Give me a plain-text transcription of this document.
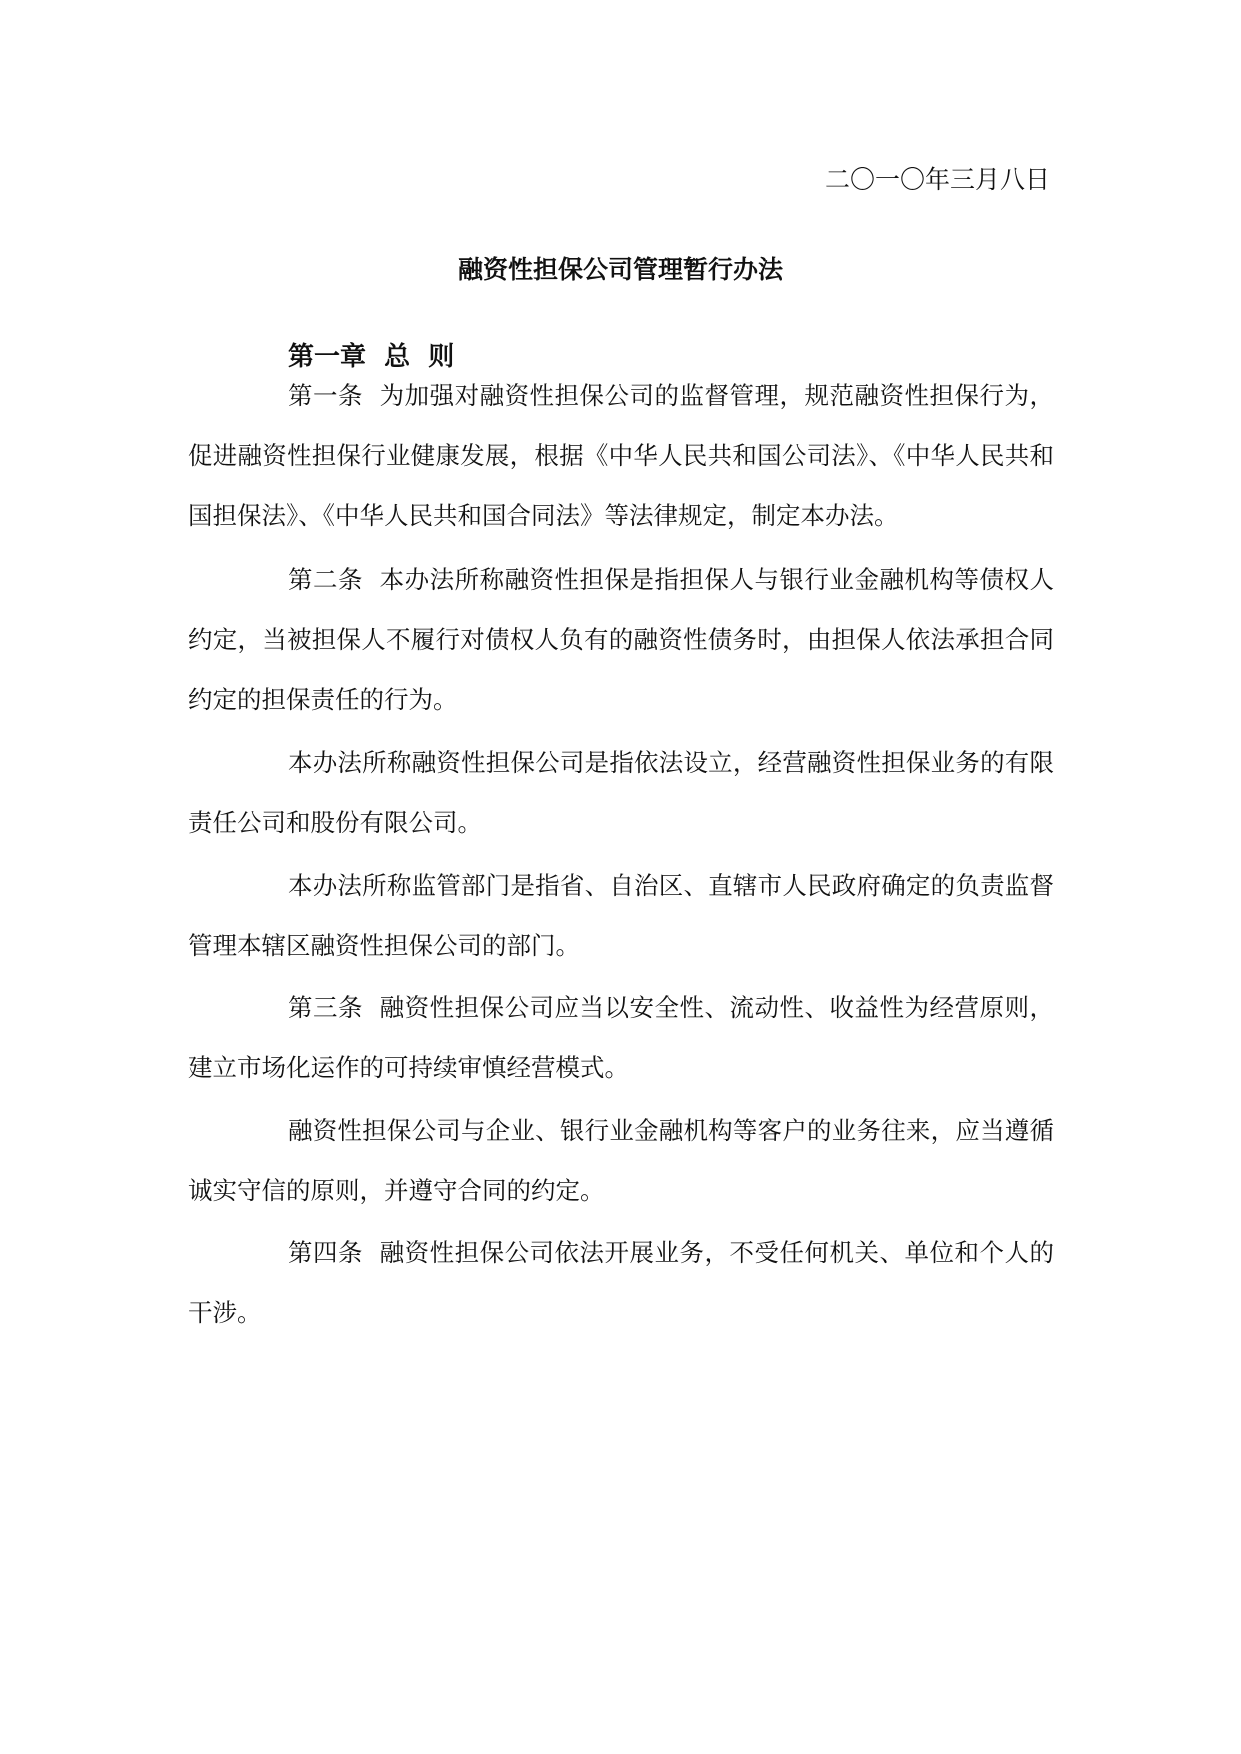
二〇一〇年三月八日
融资性担保公司管理暂行办法
第一章  总  则

第一条 为加强对融资性担保公司的监督管理，规范融资性担保行为，促进融资性担保行业健康发展，根据《中华人民共和国公司法》、《中华人民共和国担保法》、《中华人民共和国合同法》等法律规定，制定本办法。

第二条 本办法所称融资性担保是指担保人与银行业金融机构等债权人约定，当被担保人不履行对债权人负有的融资性债务时，由担保人依法承担合同约定的担保责任的行为。

本办法所称融资性担保公司是指依法设立，经营融资性担保业务的有限责任公司和股份有限公司。

本办法所称监管部门是指省、自治区、直辖市人民政府确定的负责监督管理本辖区融资性担保公司的部门。

第三条 融资性担保公司应当以安全性、流动性、收益性为经营原则，建立市场化运作的可持续审慎经营模式。

融资性担保公司与企业、银行业金融机构等客户的业务往来，应当遵循诚实守信的原则，并遵守合同的约定。

第四条 融资性担保公司依法开展业务，不受任何机关、单位和个人的干涉。
